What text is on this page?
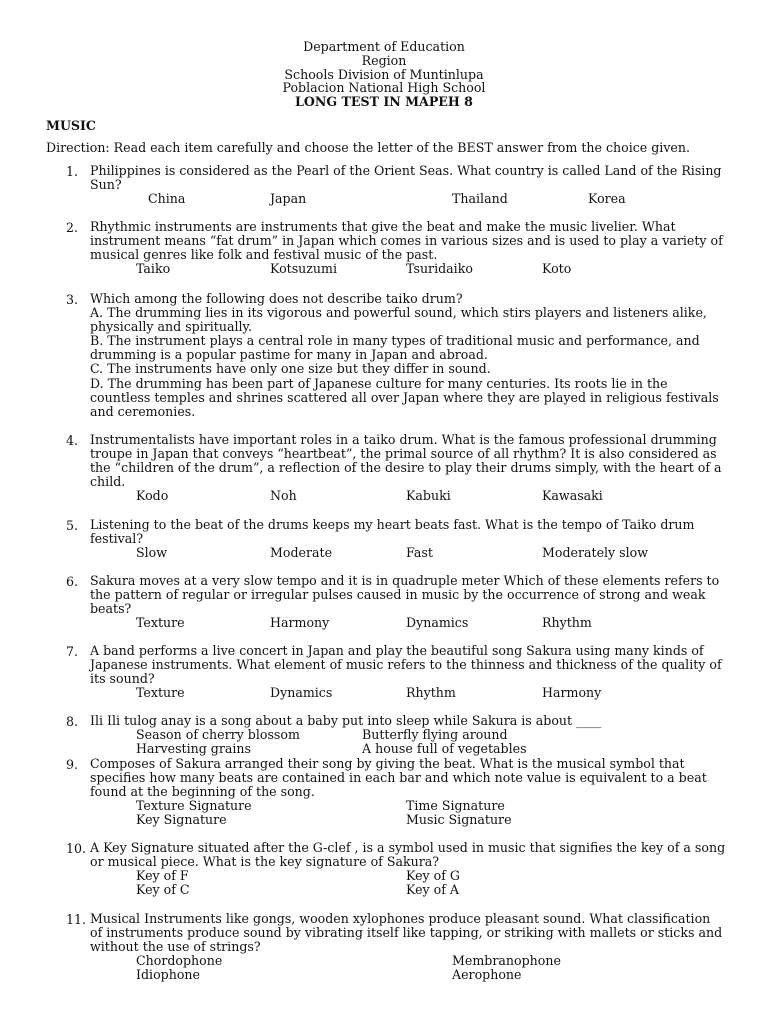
Department of Education
Region
Schools Division of Muntinlupa
Poblacion National High School
LONG TEST IN MAPEH 8
MUSIC
Direction: Read each item carefully and choose the letter of the BEST answer from the choice given.
1. Philippines is considered as the Pearl of the Orient Seas. What country is called Land of the Rising Sun?
China	Japan	Thailand	Korea
2. Rhythmic instruments are instruments that give the beat and make the music livelier. What instrument means “fat drum” in Japan which comes in various sizes and is used to play a variety of musical genres like folk and festival music of the past.
Taiko	Kotsuzumi	Tsuridaiko	Koto
3. Which among the following does not describe taiko drum?
A. The drumming lies in its vigorous and powerful sound, which stirs players and listeners alike, physically and spiritually.
B. The instrument plays a central role in many types of traditional music and performance, and drumming is a popular pastime for many in Japan and abroad.
C. The instruments have only one size but they differ in sound.
D. The drumming has been part of Japanese culture for many centuries. Its roots lie in the countless temples and shrines scattered all over Japan where they are played in religious festivals and ceremonies.
4. Instrumentalists have important roles in a taiko drum. What is the famous professional drumming troupe in Japan that conveys “heartbeat”, the primal source of all rhythm? It is also considered as the “children of the drum”, a reflection of the desire to play their drums simply, with the heart of a child.
Kodo	Noh	Kabuki	Kawasaki
5. Listening to the beat of the drums keeps my heart beats fast. What is the tempo of Taiko drum festival?
Slow	Moderate	Fast	Moderately slow
6. Sakura moves at a very slow tempo and it is in quadruple meter Which of these elements refers to the pattern of regular or irregular pulses caused in music by the occurrence of strong and weak beats?
Texture	Harmony	Dynamics	Rhythm
7. A band performs a live concert in Japan and play the beautiful song Sakura using many kinds of Japanese instruments. What element of music refers to the thinness and thickness of the quality of its sound?
Texture	Dynamics	Rhythm	Harmony
8. Ili Ili tulog anay is a song about a baby put into sleep while Sakura is about ____
Season of cherry blossom	Butterfly flying around
Harvesting grains	A house full of vegetables
9. Composes of Sakura arranged their song by giving the beat. What is the musical symbol that specifies how many beats are contained in each bar and which note value is equivalent to a beat found at the beginning of the song.
Texture Signature	Time Signature
Key Signature	Music Signature
10. A Key Signature situated after the G-clef , is a symbol used in music that signifies the key of a song or musical piece. What is the key signature of Sakura?
Key of F	Key of G
Key of C	Key of A
11. Musical Instruments like gongs, wooden xylophones produce pleasant sound. What classification of instruments produce sound by vibrating itself like tapping, or striking with mallets or sticks and without the use of strings?
Chordophone	Membranophone
Idiophone	Aerophone
